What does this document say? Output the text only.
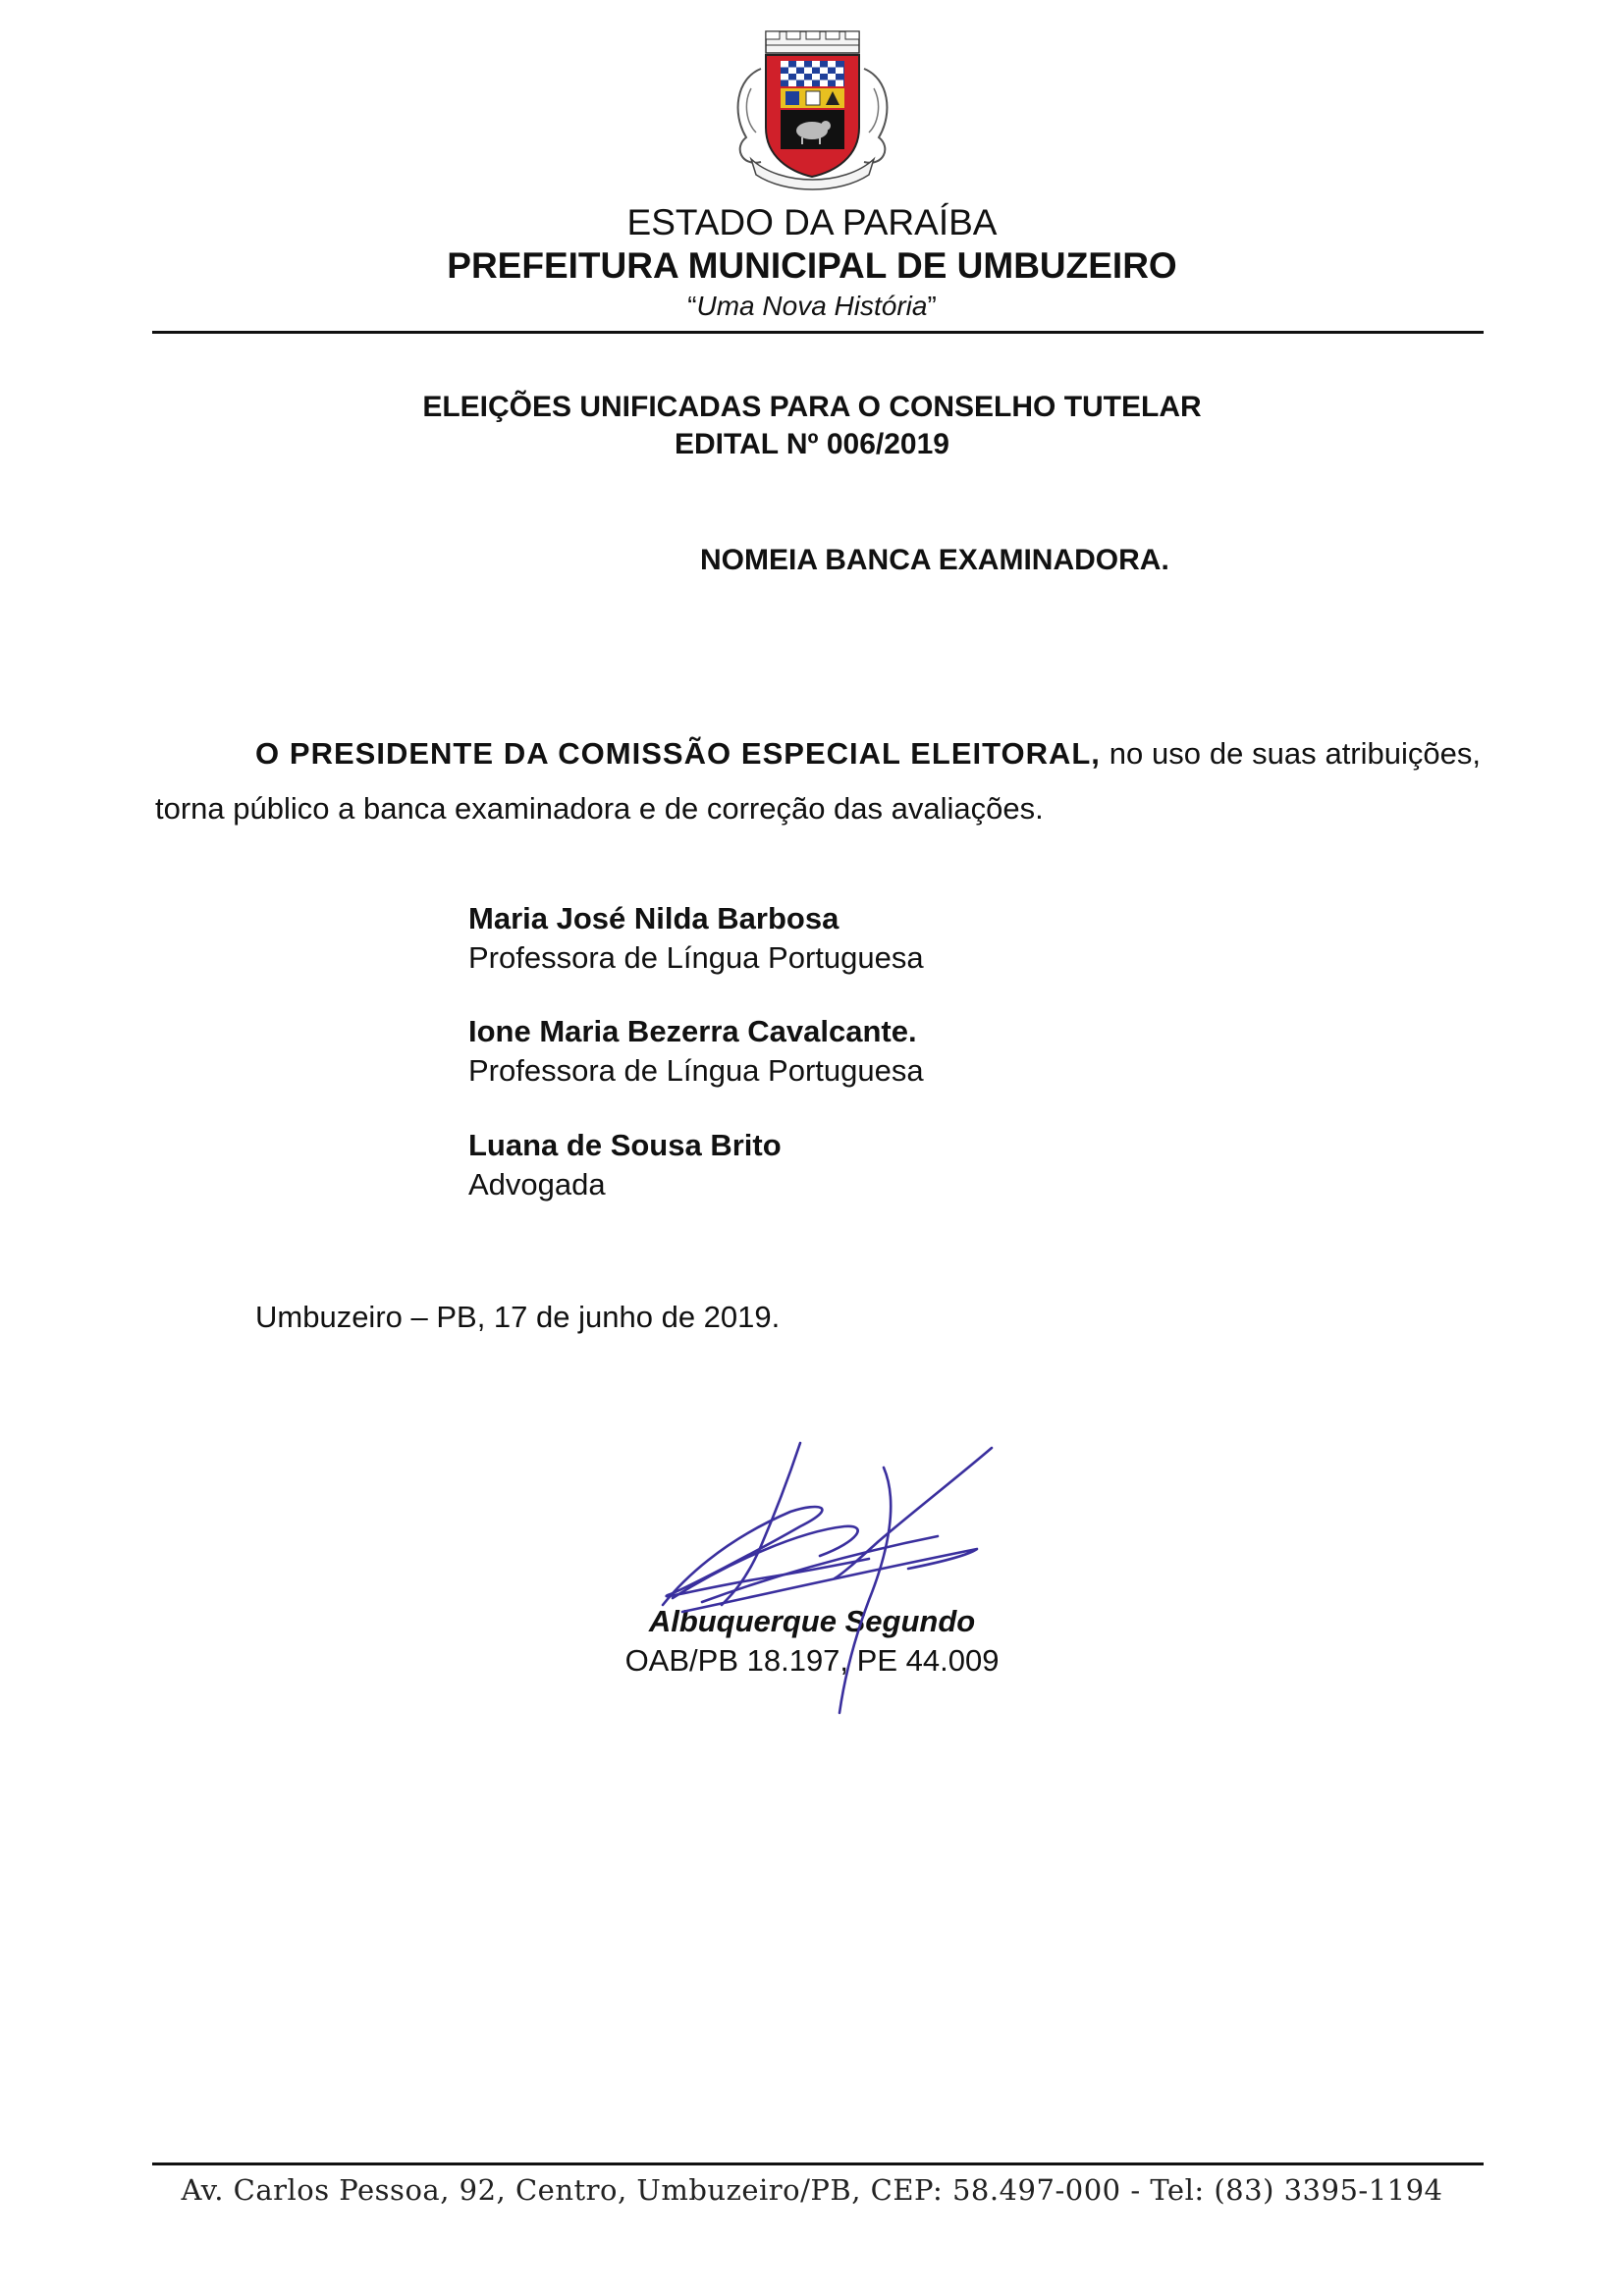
ESTADO DA PARAÍBA
PREFEITURA MUNICIPAL DE UMBUZEIRO
“Uma Nova História”
ELEIÇÕES UNIFICADAS PARA O CONSELHO TUTELAR
EDITAL Nº 006/2019
NOMEIA BANCA EXAMINADORA.
O PRESIDENTE DA COMISSÃO ESPECIAL ELEITORAL, no uso de suas atribuições, torna público a banca examinadora e de correção das avaliações.
Maria José Nilda Barbosa
Professora de Língua Portuguesa
Ione Maria Bezerra Cavalcante.
Professora de Língua Portuguesa
Luana de Sousa Brito
Advogada
Umbuzeiro – PB, 17 de junho de 2019.
Albuquerque Segundo
OAB/PB 18.197, PE 44.009
Av. Carlos Pessoa, 92, Centro, Umbuzeiro/PB, CEP: 58.497-000 - Tel: (83) 3395-1194
